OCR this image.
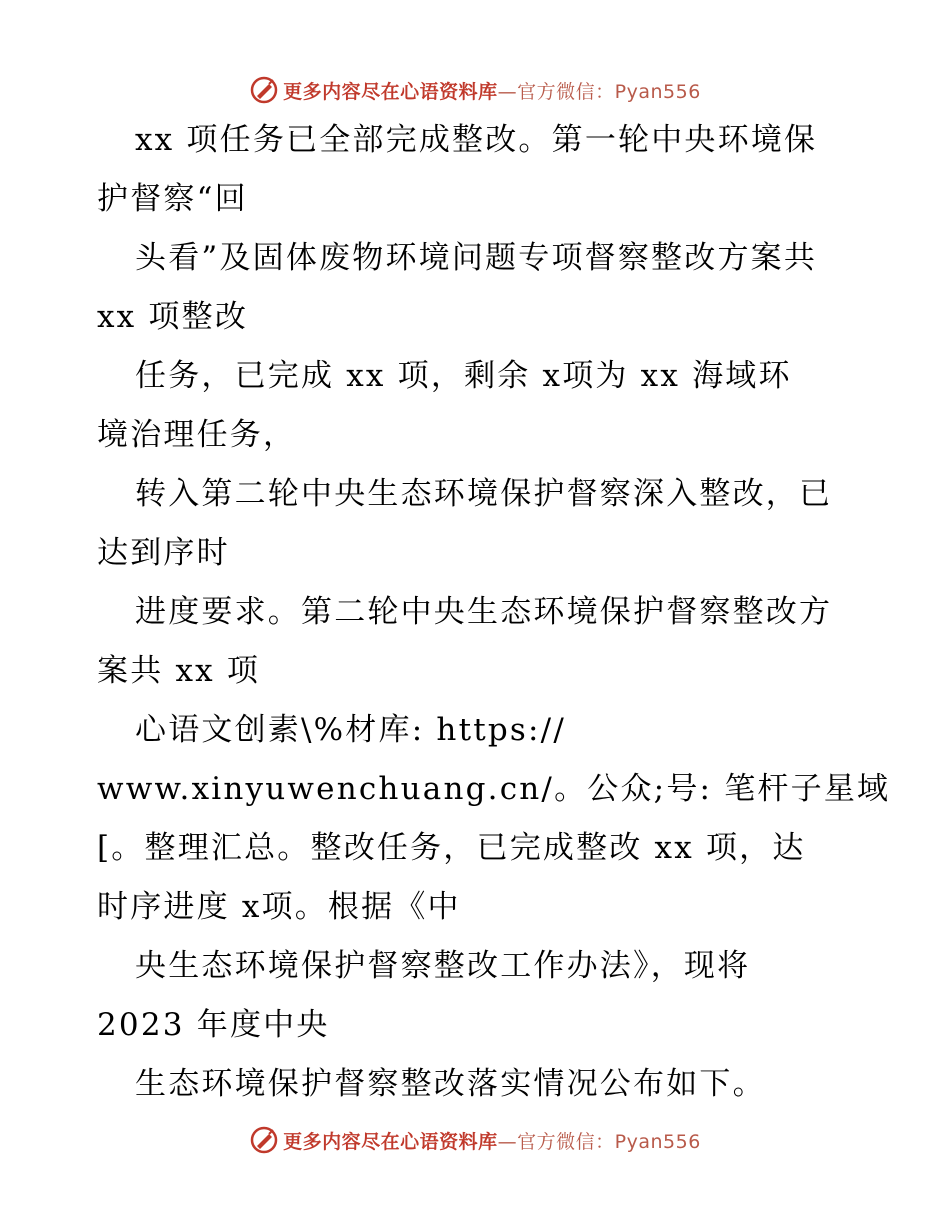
更多内容尽在心语资料库—官方微信：Pyan556
xx 项任务已全部完成整改。第一轮中央环境保
护督察“回
头看”及固体废物环境问题专项督察整改方案共
xx 项整改
任务，已完成 xx 项，剩余 x项为 xx 海域环
境治理任务，
转入第二轮中央生态环境保护督察深入整改，已
达到序时
进度要求。第二轮中央生态环境保护督察整改方
案共 xx 项
心语文创素\%材库: https://
www.xinyuwenchuang.cn/。公众;号: 笔杆子星域
[。整理汇总。整改任务，已完成整改 xx 项，达
时序进度 x项。根据《中
央生态环境保护督察整改工作办法》，现将
2023 年度中央
生态环境保护督察整改落实情况公布如下。
更多内容尽在心语资料库—官方微信：Pyan556
